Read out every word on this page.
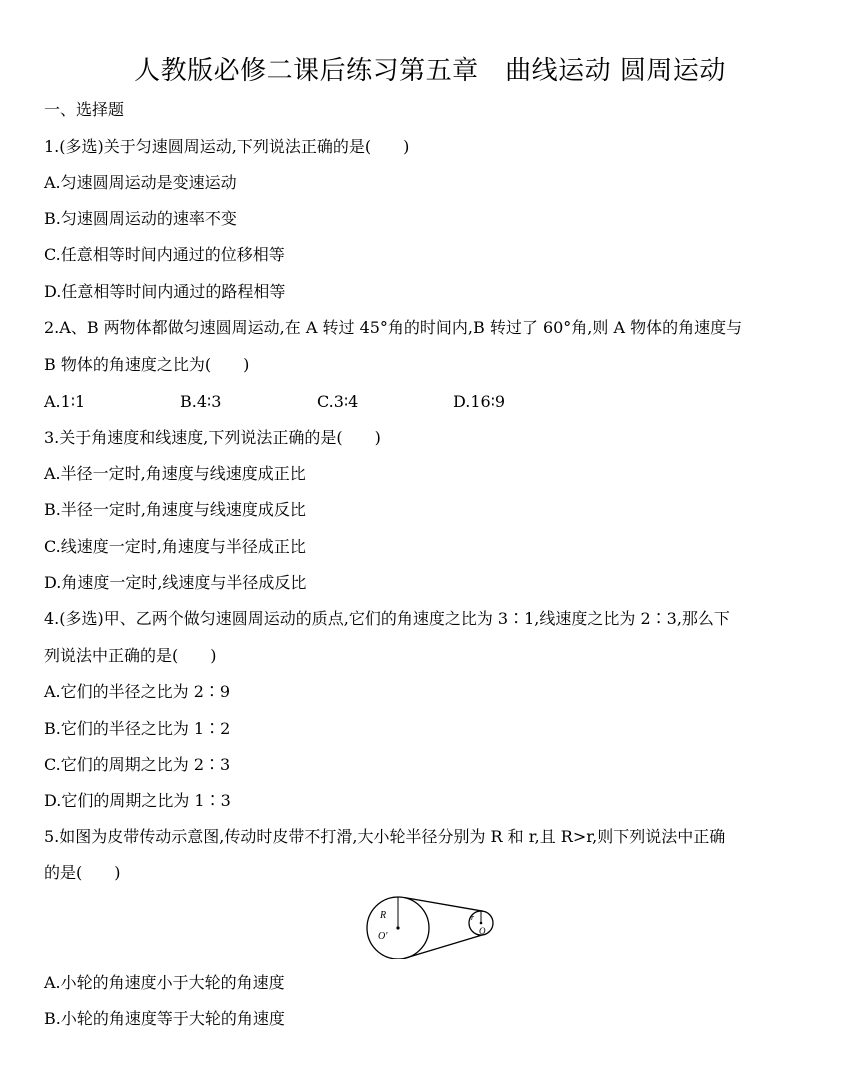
人教版必修二课后练习第五章　曲线运动 圆周运动
一、选择题
1.(多选)关于匀速圆周运动,下列说法正确的是(　　)
A.匀速圆周运动是变速运动
B.匀速圆周运动的速率不变
C.任意相等时间内通过的位移相等
D.任意相等时间内通过的路程相等
2.A、B 两物体都做匀速圆周运动,在 A 转过 45°角的时间内,B 转过了 60°角,则 A 物体的角速度与
B 物体的角速度之比为(　　)
A.1∶1	B.4∶3	C.3∶4	D.16∶9
3.关于角速度和线速度,下列说法正确的是(　　)
A.半径一定时,角速度与线速度成正比
B.半径一定时,角速度与线速度成反比
C.线速度一定时,角速度与半径成正比
D.角速度一定时,线速度与半径成反比
4.(多选)甲、乙两个做匀速圆周运动的质点,它们的角速度之比为 3∶1,线速度之比为 2∶3,那么下
列说法中正确的是(　　)
A.它们的半径之比为 2∶9
B.它们的半径之比为 1∶2
C.它们的周期之比为 2∶3
D.它们的周期之比为 1∶3
5.如图为皮带传动示意图,传动时皮带不打滑,大小轮半径分别为 R 和 r,且 R>r,则下列说法中正确
的是(　　)
R
O′
r
O
A.小轮的角速度小于大轮的角速度
B.小轮的角速度等于大轮的角速度
